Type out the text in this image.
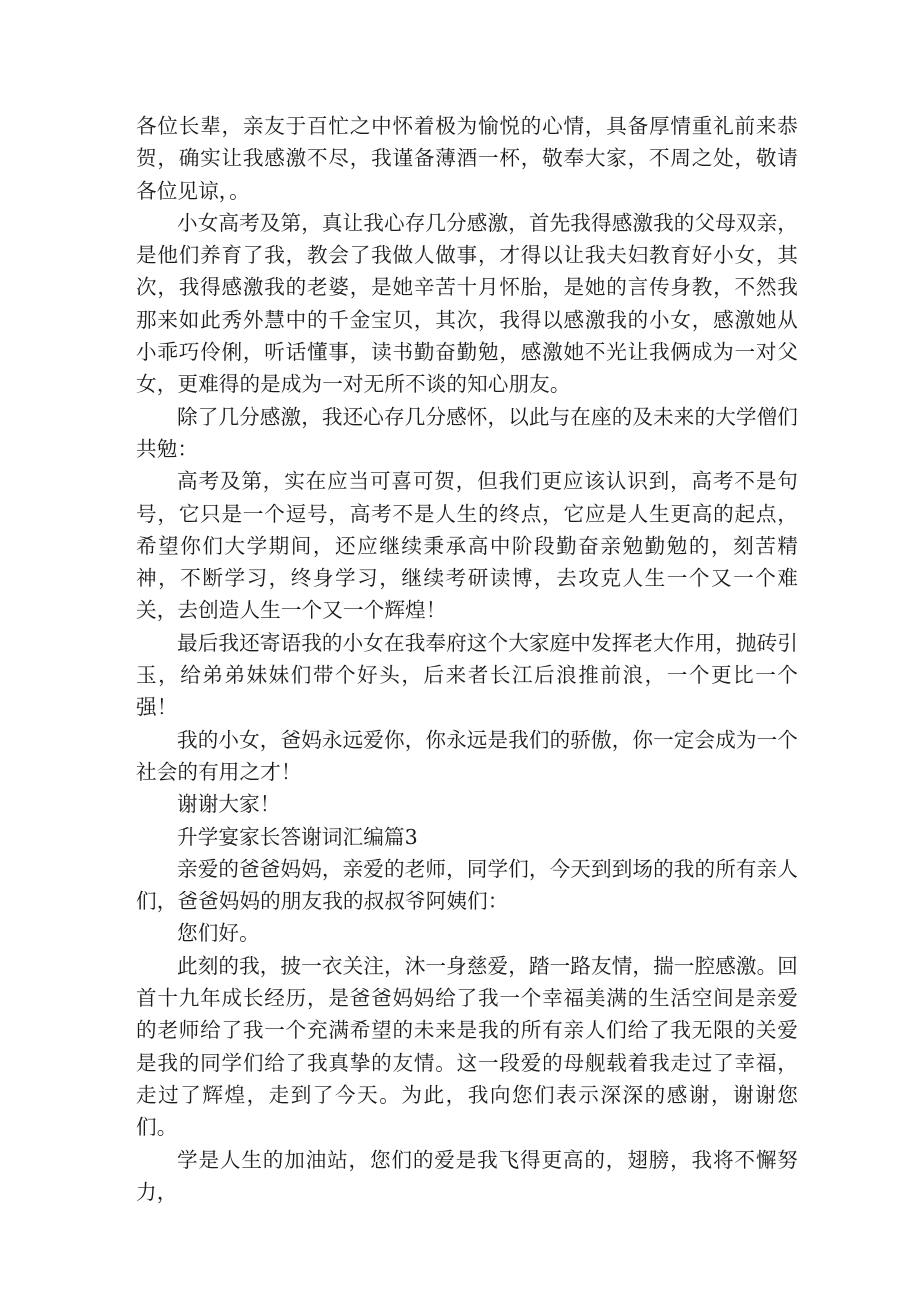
各位长辈，亲友于百忙之中怀着极为愉悦的心情，具备厚情重礼前来恭贺，确实让我感激不尽，我谨备薄酒一杯，敬奉大家，不周之处，敬请各位见谅，。

小女高考及第，真让我心存几分感激，首先我得感激我的父母双亲，是他们养育了我，教会了我做人做事，才得以让我夫妇教育好小女，其次，我得感激我的老婆，是她辛苦十月怀胎，是她的言传身教，不然我那来如此秀外慧中的千金宝贝，其次，我得以感激我的小女，感激她从小乖巧伶俐，听话懂事，读书勤奋勤勉，感激她不光让我俩成为一对父女，更难得的是成为一对无所不谈的知心朋友。

除了几分感激，我还心存几分感怀，以此与在座的及未来的大学僧们共勉：

高考及第，实在应当可喜可贺，但我们更应该认识到，高考不是句号，它只是一个逗号，高考不是人生的终点，它应是人生更高的起点，希望你们大学期间，还应继续秉承高中阶段勤奋亲勉勤勉的，刻苦精神，不断学习，终身学习，继续考研读博，去攻克人生一个又一个难关，去创造人生一个又一个辉煌！

最后我还寄语我的小女在我奉府这个大家庭中发挥老大作用，抛砖引玉，给弟弟妹妹们带个好头，后来者长江后浪推前浪，一个更比一个强！

我的小女，爸妈永远爱你，你永远是我们的骄傲，你一定会成为一个社会的有用之才！

谢谢大家！

升学宴家长答谢词汇编篇3

亲爱的爸爸妈妈，亲爱的老师，同学们，今天到到场的我的所有亲人们，爸爸妈妈的朋友我的叔叔爷阿姨们：

您们好。

此刻的我，披一衣关注，沐一身慈爱，踏一路友情，揣一腔感激。回首十九年成长经历，是爸爸妈妈给了我一个幸福美满的生活空间是亲爱的老师给了我一个充满希望的未来是我的所有亲人们给了我无限的关爱是我的同学们给了我真挚的友情。这一段爱的母舰载着我走过了幸福，走过了辉煌，走到了今天。为此，我向您们表示深深的感谢，谢谢您们。

学是人生的加油站，您们的爱是我飞得更高的，翅膀，我将不懈努力，
